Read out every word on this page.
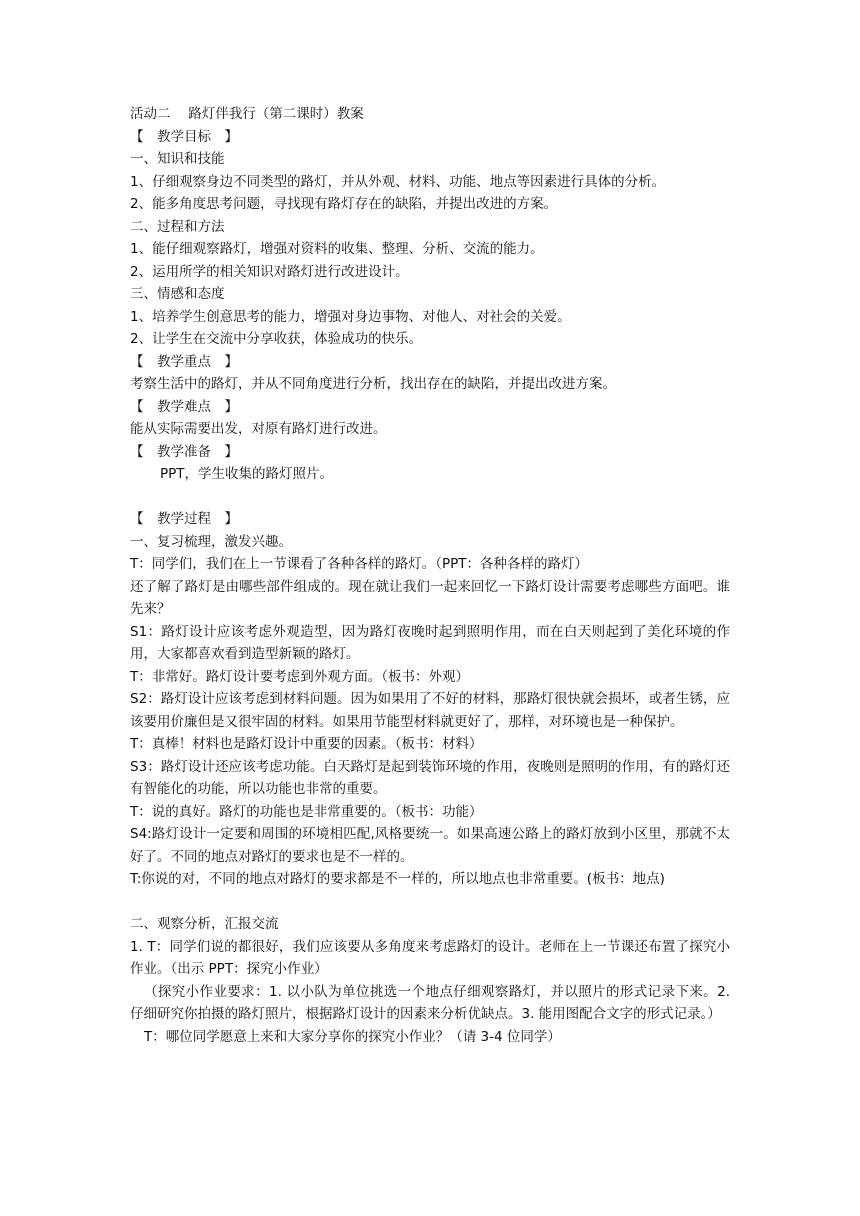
活动二　 路灯伴我行（第二课时）教案
【　教学目标　】
一、知识和技能
1、仔细观察身边不同类型的路灯，并从外观、材料、功能、地点等因素进行具体的分析。
2、能多角度思考问题，寻找现有路灯存在的缺陷，并提出改进的方案。
二、过程和方法
1、能仔细观察路灯，增强对资料的收集、整理、分析、交流的能力。
2、运用所学的相关知识对路灯进行改进设计。
三、情感和态度
1、培养学生创意思考的能力，增强对身边事物、对他人、对社会的关爱。
2、让学生在交流中分享收获，体验成功的快乐。
【　教学重点　】
考察生活中的路灯，并从不同角度进行分析，找出存在的缺陷，并提出改进方案。
【　教学难点　】
能从实际需要出发，对原有路灯进行改进。
【　教学准备　】
PPT，学生收集的路灯照片。
【　教学过程　】
一、复习梳理，激发兴趣。
T：同学们，我们在上一节课看了各种各样的路灯。（PPT：各种各样的路灯）
还了解了路灯是由哪些部件组成的。现在就让我们一起来回忆一下路灯设计需要考虑哪些方面吧。谁先来？
S1：路灯设计应该考虑外观造型，因为路灯夜晚时起到照明作用，而在白天则起到了美化环境的作用，大家都喜欢看到造型新颖的路灯。
T：非常好。路灯设计要考虑到外观方面。（板书：外观）
S2：路灯设计应该考虑到材料问题。因为如果用了不好的材料，那路灯很快就会损坏，或者生锈，应该要用价廉但是又很牢固的材料。如果用节能型材料就更好了，那样，对环境也是一种保护。
T：真棒！材料也是路灯设计中重要的因素。（板书：材料）
S3：路灯设计还应该考虑功能。白天路灯是起到装饰环境的作用，夜晚则是照明的作用，有的路灯还有智能化的功能，所以功能也非常的重要。
T：说的真好。路灯的功能也是非常重要的。（板书：功能）
S4:路灯设计一定要和周围的环境相匹配,风格要统一。如果高速公路上的路灯放到小区里，那就不太好了。不同的地点对路灯的要求也是不一样的。
T:你说的对，不同的地点对路灯的要求都是不一样的，所以地点也非常重要。(板书：地点)
二、观察分析，汇报交流
1. T：同学们说的都很好，我们应该要从多角度来考虑路灯的设计。老师在上一节课还布置了探究小作业。（出示 PPT：探究小作业）
（探究小作业要求：1. 以小队为单位挑选一个地点仔细观察路灯，并以照片的形式记录下来。2. 仔细研究你拍摄的路灯照片，根据路灯设计的因素来分析优缺点。3. 能用图配合文字的形式记录。）
T：哪位同学愿意上来和大家分享你的探究小作业？（请 3-4 位同学）
